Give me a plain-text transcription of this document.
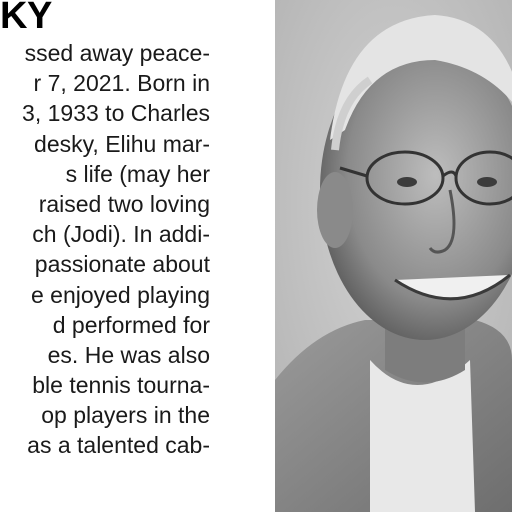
KY
ssed away peace-
r 7, 2021. Born in
3, 1933 to Charles
desky, Elihu mar-
s life (may her
raised two loving
ch (Jodi). In addi-
passionate about
e enjoyed playing
d performed for
es. He was also
ble tennis tourna-
op players in the
as a talented cab-
